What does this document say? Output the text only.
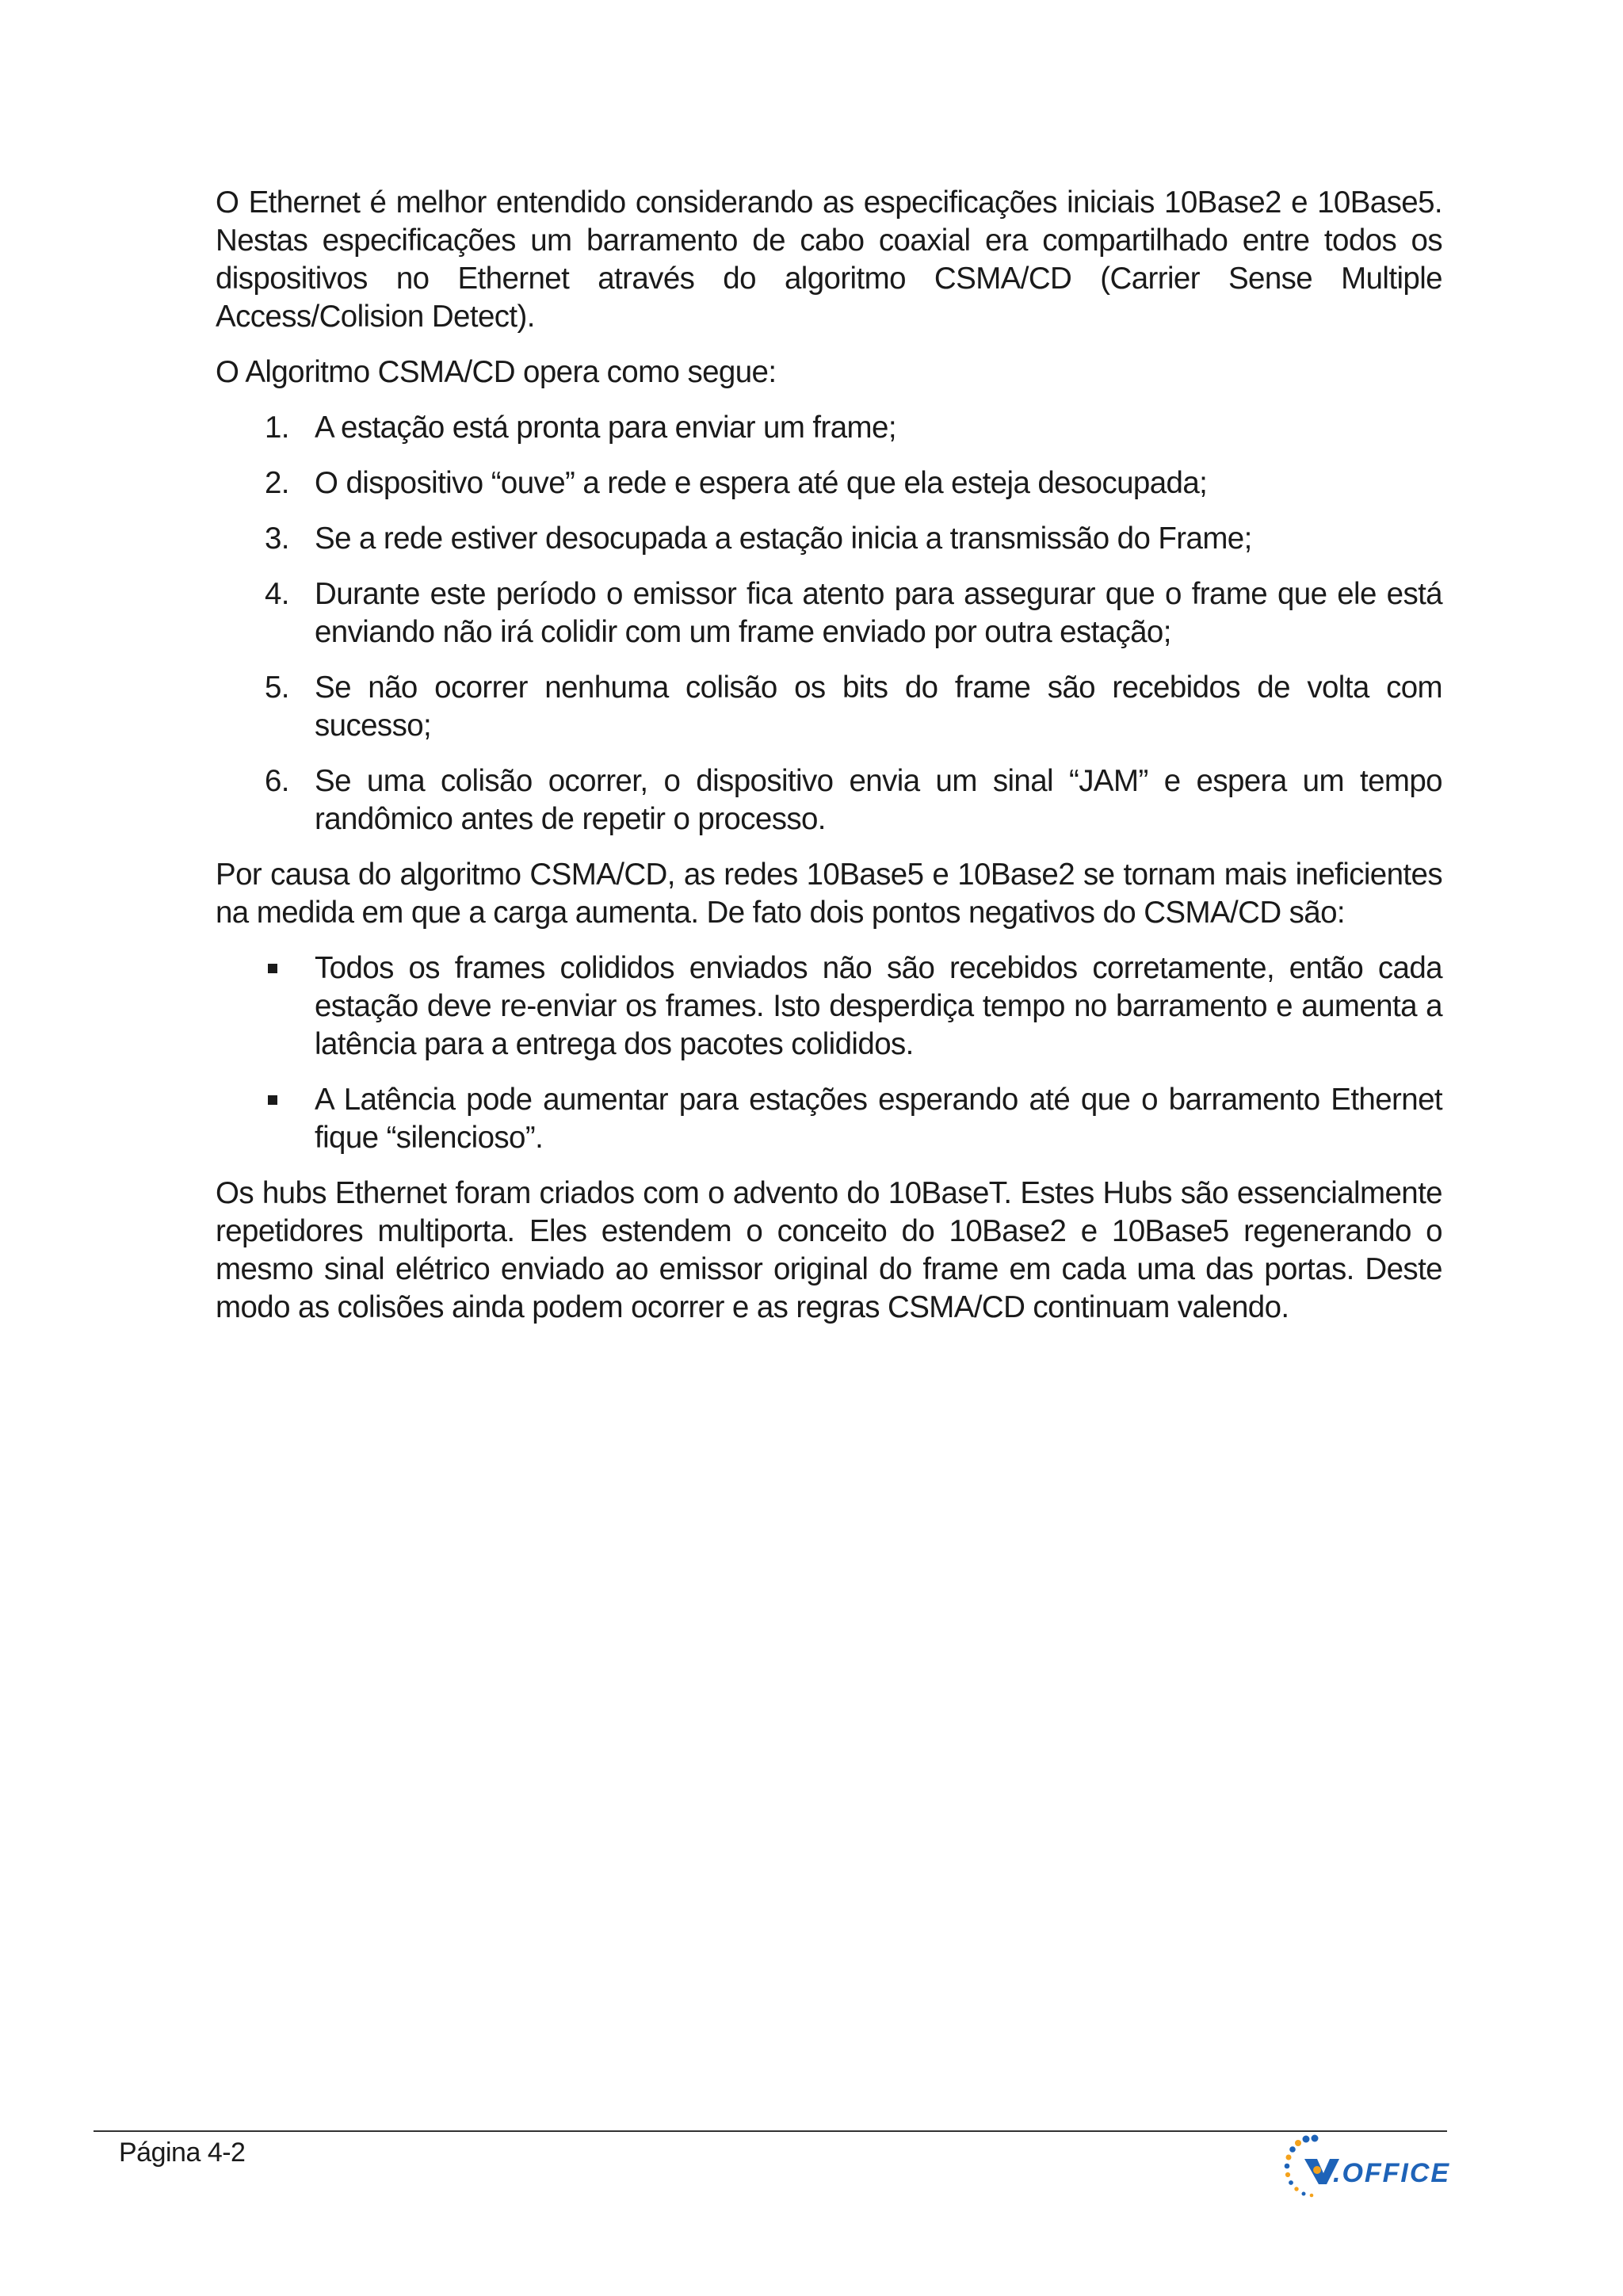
O Ethernet é melhor entendido considerando as especificações iniciais 10Base2 e 10Base5. Nestas especificações um barramento de cabo coaxial era compartilhado entre todos os dispositivos no Ethernet através do algoritmo CSMA/CD (Carrier Sense Multiple Access/Colision Detect).

O Algoritmo CSMA/CD opera como segue:

1. A estação está pronta para enviar um frame;
2. O dispositivo “ouve” a rede e espera até que ela esteja desocupada;
3. Se a rede estiver desocupada a estação inicia a transmissão do Frame;
4. Durante este período o emissor fica atento para assegurar que o frame que ele está enviando não irá colidir com um frame enviado por outra estação;
5. Se não ocorrer nenhuma colisão os bits do frame são recebidos de volta com sucesso;
6. Se uma colisão ocorrer, o dispositivo envia um sinal “JAM” e espera um tempo randômico antes de repetir o processo.

Por causa do algoritmo CSMA/CD, as redes 10Base5 e 10Base2 se tornam mais ineficientes na medida em que a carga aumenta. De fato dois pontos negativos do CSMA/CD são:

Todos os frames colididos enviados não são recebidos corretamente, então cada estação deve re-enviar os frames. Isto desperdiça tempo no barramento e aumenta a latência para a entrega dos pacotes colididos.
A Latência pode aumentar para estações esperando até que o barramento Ethernet fique “silencioso”.

Os hubs Ethernet foram criados com o advento do 10BaseT. Estes Hubs são essencialmente repetidores multiporta. Eles estendem o conceito do 10Base2 e 10Base5 regenerando o mesmo sinal elétrico enviado ao emissor original do frame em cada uma das portas. Deste modo as colisões ainda podem ocorrer e as regras CSMA/CD continuam valendo.

Página 4-2
.OFFICE
